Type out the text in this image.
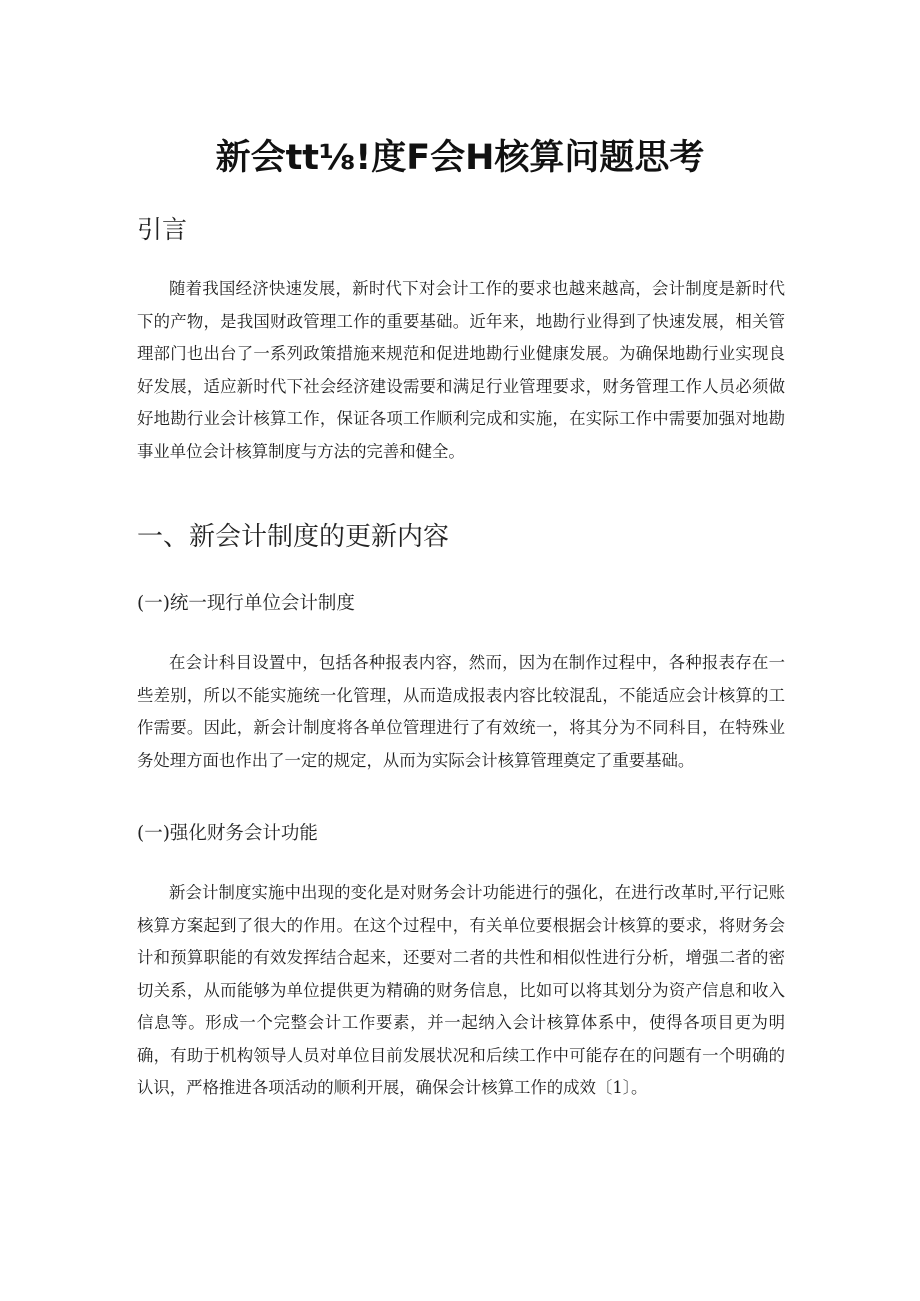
新会tt⅛!度F会H核算问题思考
引言
随着我国经济快速发展，新时代下对会计工作的要求也越来越高，会计制度是新时代下的产物，是我国财政管理工作的重要基础。近年来，地勘行业得到了快速发展，相关管理部门也出台了一系列政策措施来规范和促进地勘行业健康发展。为确保地勘行业实现良好发展，适应新时代下社会经济建设需要和满足行业管理要求，财务管理工作人员必须做好地勘行业会计核算工作，保证各项工作顺利完成和实施，在实际工作中需要加强对地勘事业单位会计核算制度与方法的完善和健全。
一、新会计制度的更新内容
(一)统一现行单位会计制度
在会计科目设置中，包括各种报表内容，然而，因为在制作过程中，各种报表存在一些差别，所以不能实施统一化管理，从而造成报表内容比较混乱，不能适应会计核算的工作需要。因此，新会计制度将各单位管理进行了有效统一，将其分为不同科目，在特殊业务处理方面也作出了一定的规定，从而为实际会计核算管理奠定了重要基础。
(一)强化财务会计功能
新会计制度实施中出现的变化是对财务会计功能进行的强化，在进行改革时,平行记账核算方案起到了很大的作用。在这个过程中，有关单位要根据会计核算的要求，将财务会计和预算职能的有效发挥结合起来，还要对二者的共性和相似性进行分析，增强二者的密切关系，从而能够为单位提供更为精确的财务信息，比如可以将其划分为资产信息和收入信息等。形成一个完整会计工作要素，并一起纳入会计核算体系中，使得各项目更为明确，有助于机构领导人员对单位目前发展状况和后续工作中可能存在的问题有一个明确的认识，严格推进各项活动的顺利开展，确保会计核算工作的成效〔1〕。
